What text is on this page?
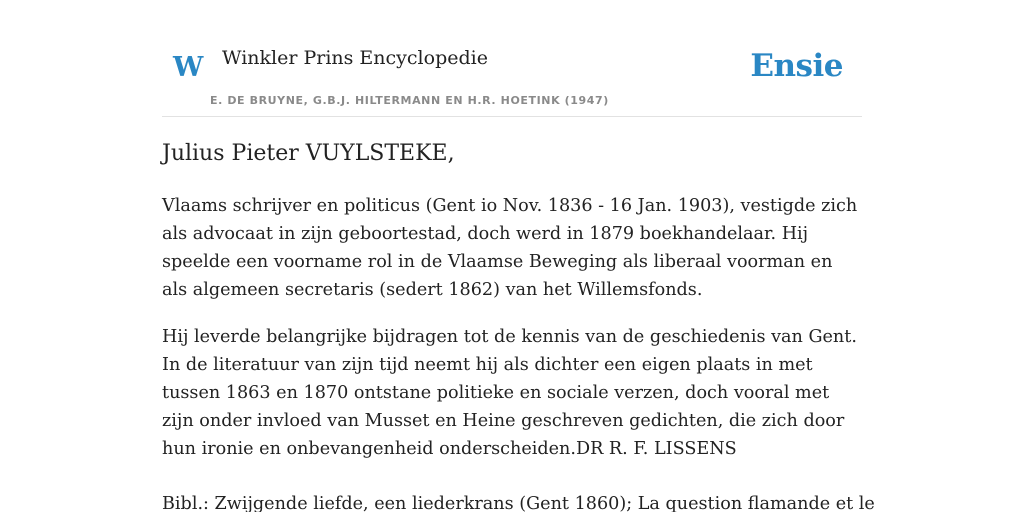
W Winkler Prins Encyclopedie
E. DE BRUYNE, G.B.J. HILTERMANN EN H.R. HOETINK (1947)
Ensie
Julius Pieter VUYLSTEKE,

Vlaams schrijver en politicus (Gent io Nov. 1836 - 16 Jan. 1903), vestigde zich als advocaat in zijn geboortestad, doch werd in 1879 boekhandelaar. Hij speelde een voorname rol in de Vlaamse Beweging als liberaal voorman en als algemeen secretaris (sedert 1862) van het Willemsfonds.

Hij leverde belangrijke bijdragen tot de kennis van de geschiedenis van Gent. In de literatuur van zijn tijd neemt hij als dichter een eigen plaats in met tussen 1863 en 1870 ontstane politieke en sociale verzen, doch vooral met zijn onder invloed van Musset en Heine geschreven gedichten, die zich door hun ironie en onbevangenheid onderscheiden.DR R. F. LISSENS

Bibl.: Zwijgende liefde, een liederkrans (Gent 1860); La question flamande et le
